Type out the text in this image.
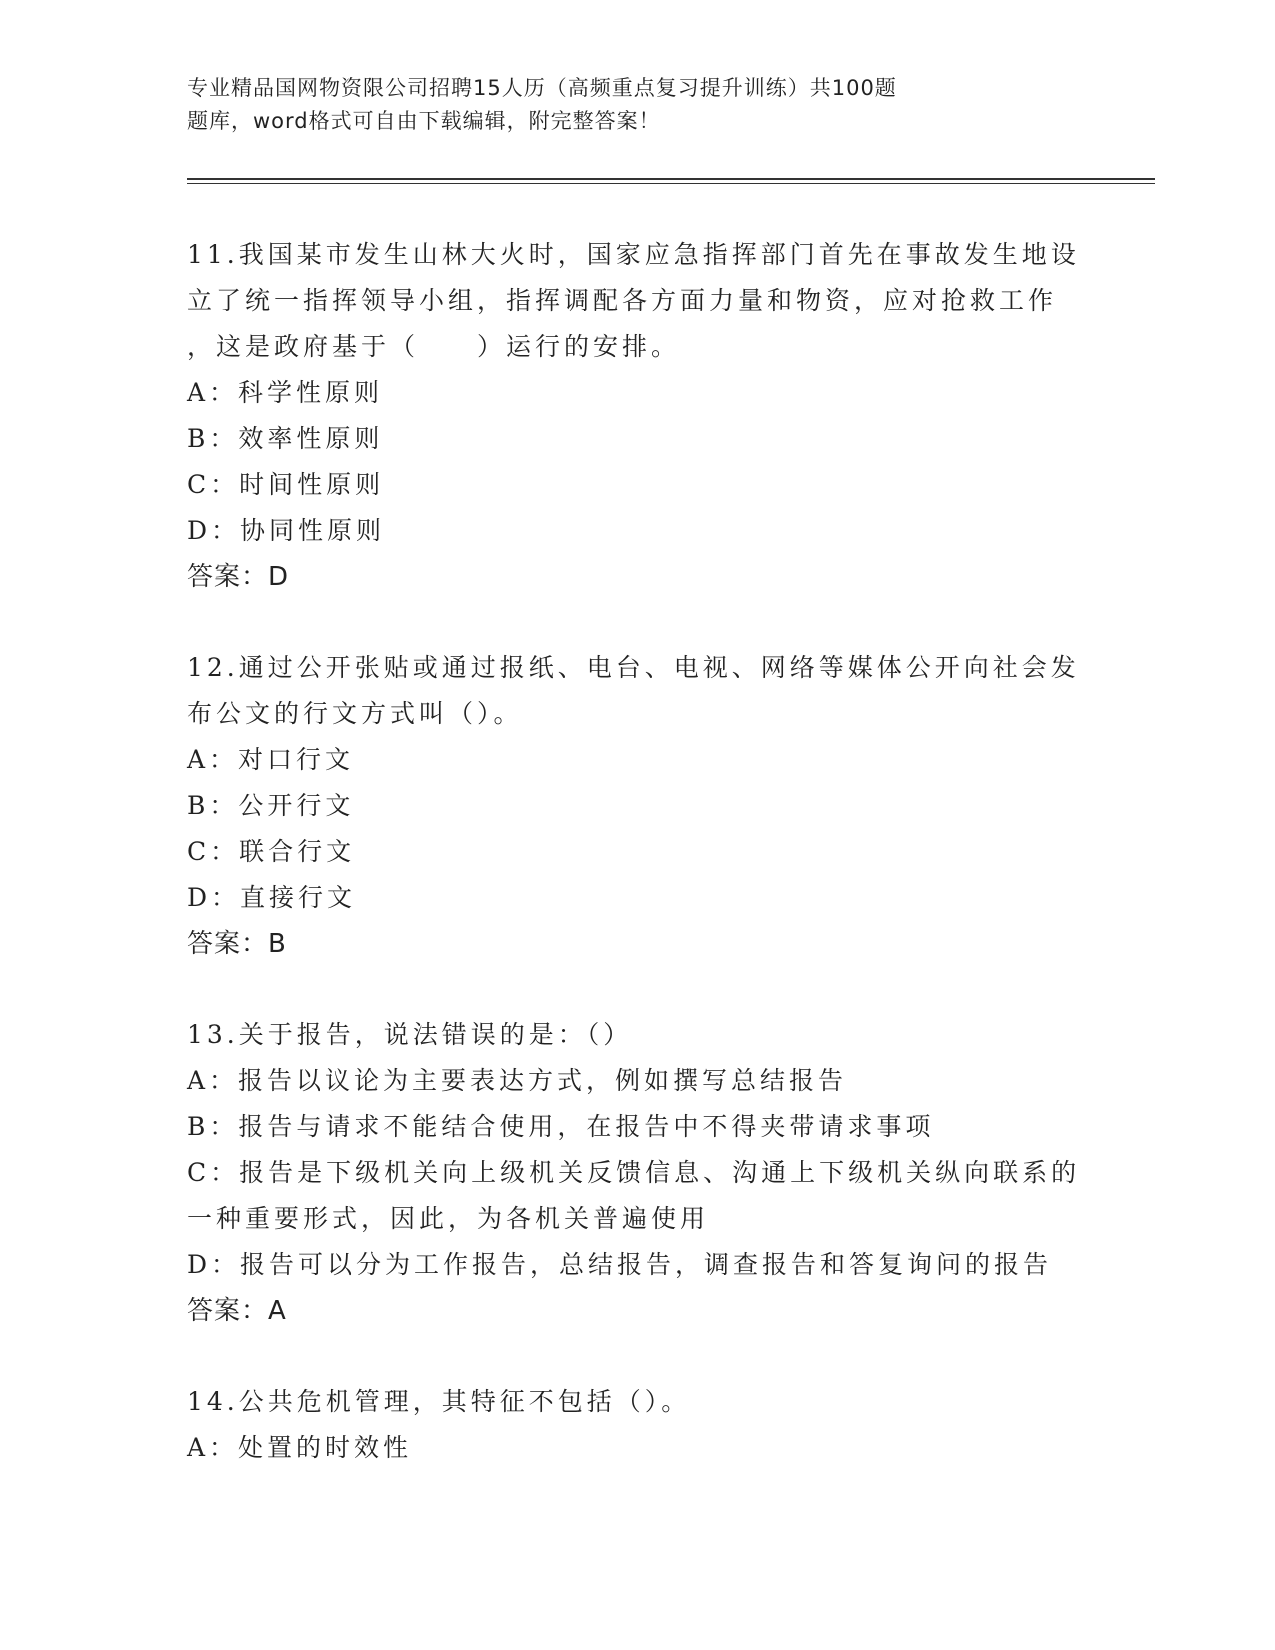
专业精品国网物资限公司招聘15人历（高频重点复习提升训练）共100题
题库，word格式可自由下载编辑，附完整答案！
11.我国某市发生山林大火时，国家应急指挥部门首先在事故发生地设
立了统一指挥领导小组，指挥调配各方面力量和物资，应对抢救工作
，这是政府基于（　　）运行的安排。
A：科学性原则
B：效率性原则
C：时间性原则
D：协同性原则
答案：D
12.通过公开张贴或通过报纸、电台、电视、网络等媒体公开向社会发
布公文的行文方式叫（）。
A：对口行文
B：公开行文
C：联合行文
D：直接行文
答案：B
13.关于报告，说法错误的是：（）
A：报告以议论为主要表达方式，例如撰写总结报告
B：报告与请求不能结合使用，在报告中不得夹带请求事项
C：报告是下级机关向上级机关反馈信息、沟通上下级机关纵向联系的
一种重要形式，因此，为各机关普遍使用
D：报告可以分为工作报告，总结报告，调查报告和答复询问的报告
答案：A
14.公共危机管理，其特征不包括（）。
A：处置的时效性
